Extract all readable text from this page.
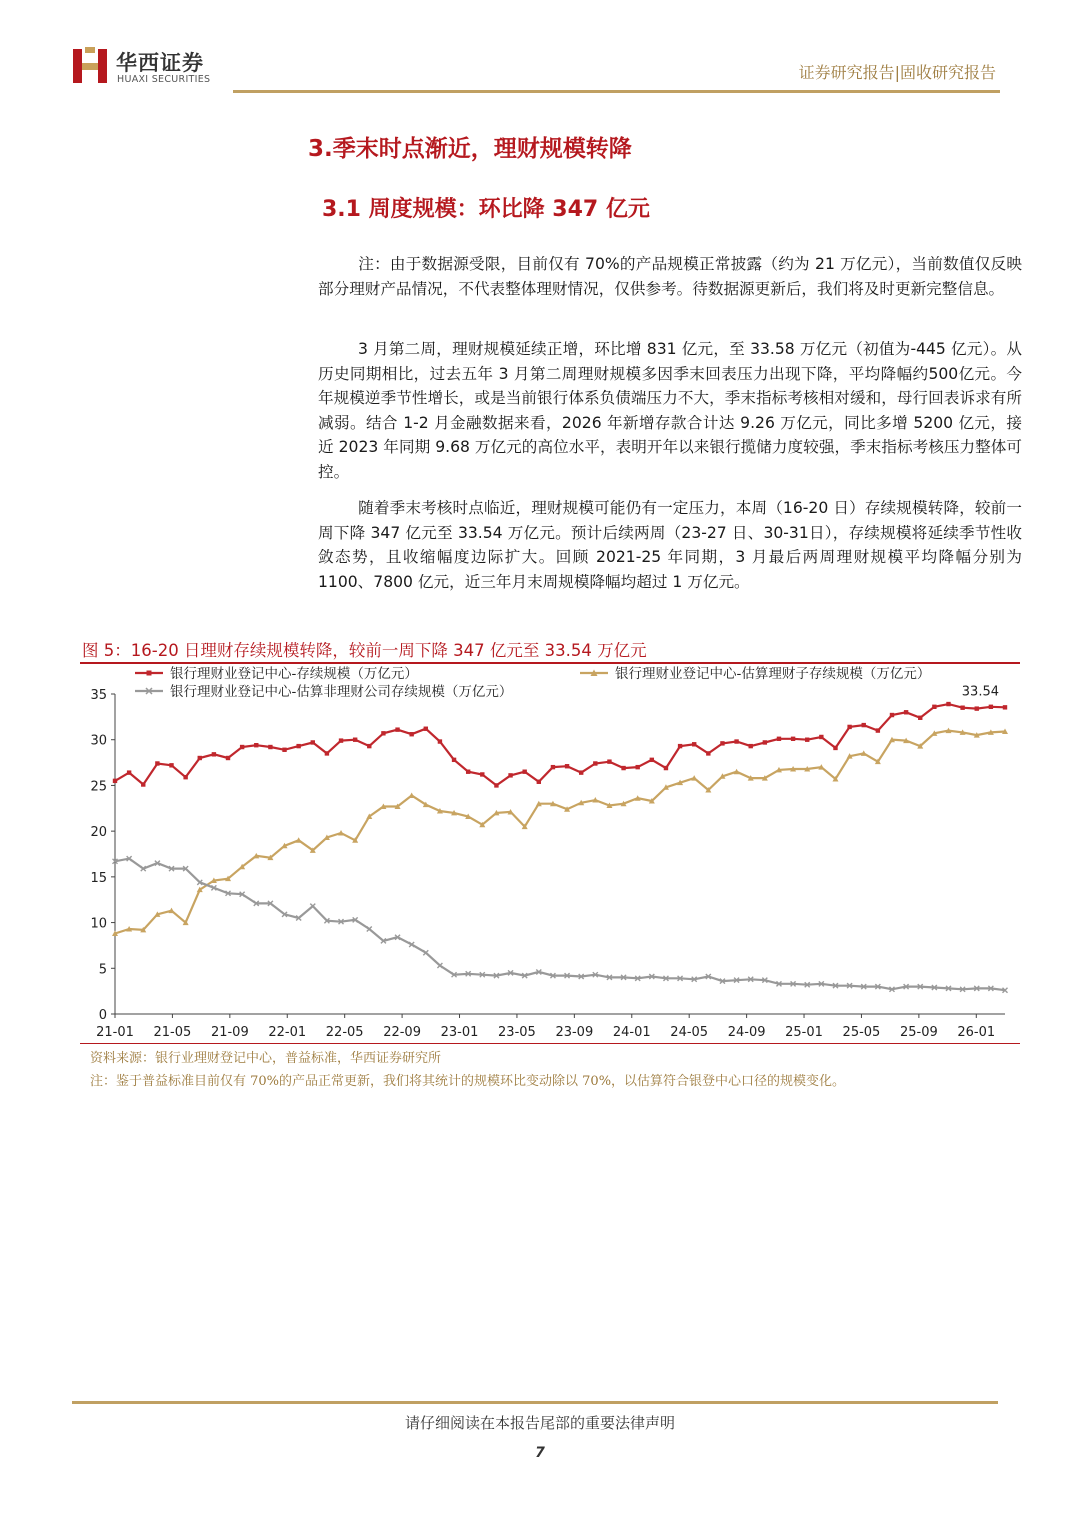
华西证券
HUAXI SECURITIES	证券研究报告|固收研究报告
3.季末时点渐近，理财规模转降
3.1 周度规模：环比降 347 亿元

注：由于数据源受限，目前仅有 70%的产品规模正常披露（约为 21 万亿元），当前数值仅反映部分理财产品情况，不代表整体理财情况，仅供参考。待数据源更新后，我们将及时更新完整信息。

3 月第二周，理财规模延续正增，环比增 831 亿元，至 33.58 万亿元（初值为-445 亿元）。从历史同期相比，过去五年 3 月第二周理财规模多因季末回表压力出现下降，平均降幅约500亿元。今年规模逆季节性增长，或是当前银行体系负债端压力不大，季末指标考核相对缓和，母行回表诉求有所减弱。结合 1-2 月金融数据来看，2026 年新增存款合计达 9.26 万亿元，同比多增 5200 亿元，接近 2023 年同期 9.68 万亿元的高位水平，表明开年以来银行揽储力度较强，季末指标考核压力整体可控。

随着季末考核时点临近，理财规模可能仍有一定压力，本周（16-20 日）存续规模转降，较前一周下降 347 亿元至 33.54 万亿元。预计后续两周（23-27 日、30-31日），存续规模将延续季节性收敛态势，且收缩幅度边际扩大。回顾 2021-25 年同期，3 月最后两周理财规模平均降幅分别为 1100、7800 亿元，近三年月末周规模降幅均超过 1 万亿元。

图 5：16-20 日理财存续规模转降，较前一周下降 347 亿元至 33.54 万亿元
0
5
10
15
20
25
30
35
21-01 21-05 21-09 22-01 22-05 22-09 23-01 23-05 23-09 24-01 24-05 24-09 25-01 25-05 25-09 26-01
33.54
银行理财业登记中心-存续规模（万亿元）	银行理财业登记中心-估算理财子存续规模（万亿元）
银行理财业登记中心-估算非理财公司存续规模（万亿元）
资料来源：银行业理财登记中心，普益标准，华西证券研究所
注：鉴于普益标准目前仅有 70%的产品正常更新，我们将其统计的规模环比变动除以 70%，以估算符合银登中心口径的规模变化。
请仔细阅读在本报告尾部的重要法律声明
7
